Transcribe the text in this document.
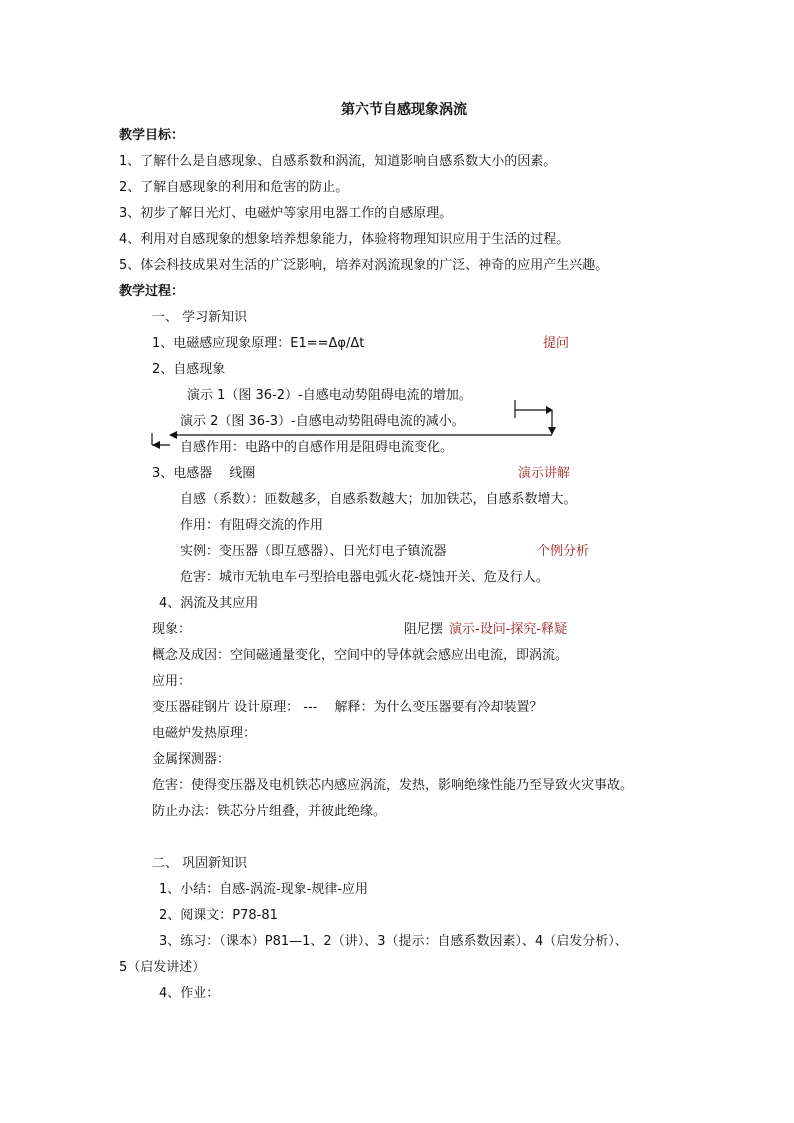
第六节自感现象涡流
教学目标：
1、了解什么是自感现象、自感系数和涡流，知道影响自感系数大小的因素。
2、了解自感现象的利用和危害的防止。
3、初步了解日光灯、电磁炉等家用电器工作的自感原理。
4、利用对自感现象的想象培养想象能力，体验将物理知识应用于生活的过程。
5、体会科技成果对生活的广泛影响，培养对涡流现象的广泛、神奇的应用产生兴趣。
教学过程：
一、 学习新知识
1、电磁感应现象原理：E1==Δφ/Δt	提问
2、自感现象
演示 1（图 36-2）-自感电动势阻碍电流的增加。
演示 2（图 36-3）-自感电动势阻碍电流的减小。
自感作用：电路中的自感作用是阻碍电流变化。
3、电感器　 线圈	演示讲解
自感（系数）：匝数越多，自感系数越大；加加铁芯，自感系数增大。
作用：有阻碍交流的作用
实例：变压器（即互感器）、日光灯电子镇流器	个例分析
危害：城市无轨电车弓型拾电器电弧火花-烧蚀开关、危及行人。
4、涡流及其应用
现象：	阻尼摆 演示-设问-探究-释疑
概念及成因：空间磁通量变化，空间中的导体就会感应出电流，即涡流。
应用：
变压器硅钢片 设计原理： ---　 解释：为什么变压器要有冷却装置？
电磁炉发热原理：
金属探测器：
危害：使得变压器及电机铁芯内感应涡流，发热，影响绝缘性能乃至导致火灾事故。
防止办法：铁芯分片组叠，并彼此绝缘。
二、 巩固新知识
1、小结：自感-涡流-现象-规律-应用
2、阅课文：P78-81
3、练习：（课本）P81—1、2（讲）、3（提示：自感系数因素）、4（启发分析）、
5（启发讲述）
4、作业：
